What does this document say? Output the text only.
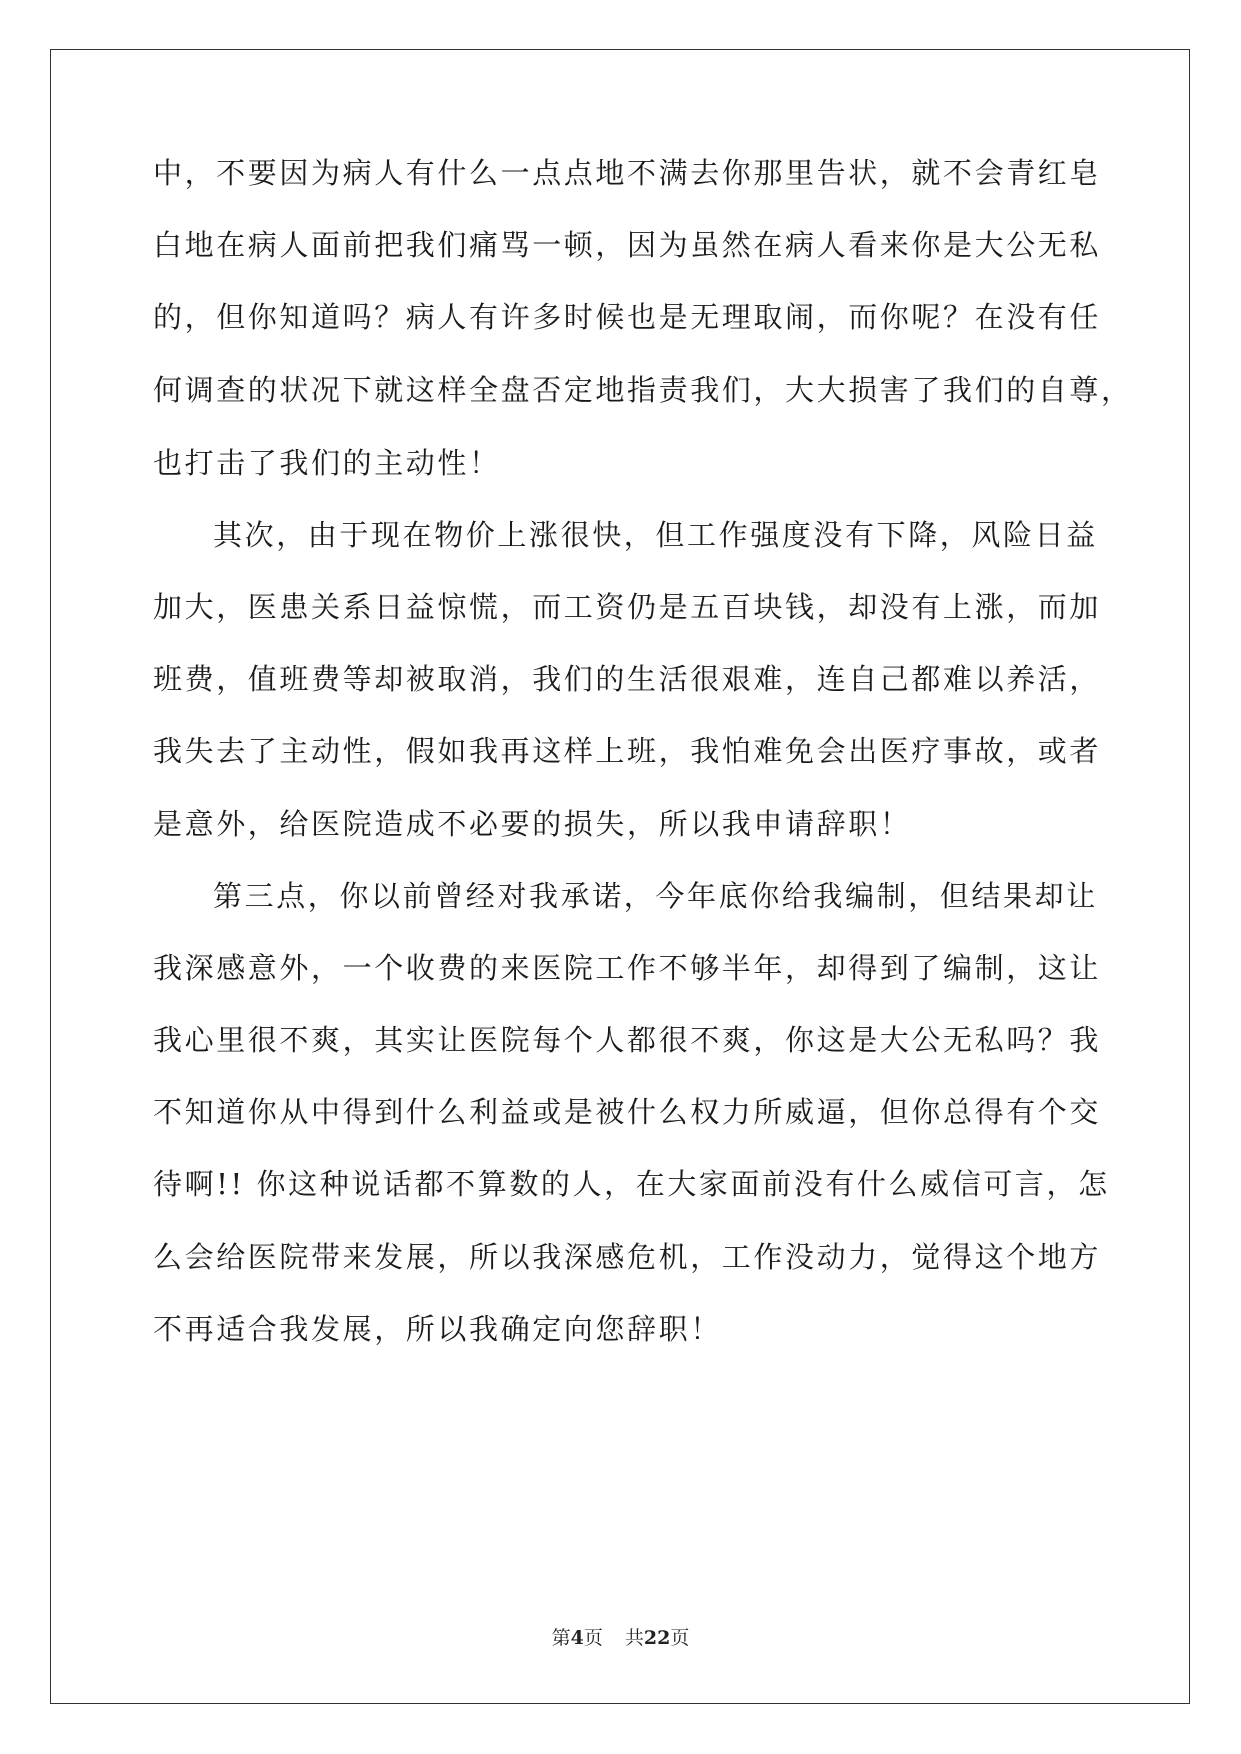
中，不要因为病人有什么一点点地不满去你那里告状，就不会青红皂
白地在病人面前把我们痛骂一顿，因为虽然在病人看来你是大公无私
的，但你知道吗？病人有许多时候也是无理取闹，而你呢？在没有任
何调查的状况下就这样全盘否定地指责我们，大大损害了我们的自尊，
也打击了我们的主动性！
其次，由于现在物价上涨很快，但工作强度没有下降，风险日益
加大，医患关系日益惊慌，而工资仍是五百块钱，却没有上涨，而加
班费，值班费等却被取消，我们的生活很艰难，连自己都难以养活，
我失去了主动性，假如我再这样上班，我怕难免会出医疗事故，或者
是意外，给医院造成不必要的损失，所以我申请辞职！
第三点，你以前曾经对我承诺，今年底你给我编制，但结果却让
我深感意外，一个收费的来医院工作不够半年，却得到了编制，这让
我心里很不爽，其实让医院每个人都很不爽，你这是大公无私吗？我
不知道你从中得到什么利益或是被什么权力所威逼，但你总得有个交
待啊!! 你这种说话都不算数的人，在大家面前没有什么威信可言，怎
么会给医院带来发展，所以我深感危机，工作没动力，觉得这个地方
不再适合我发展，所以我确定向您辞职！
第4页 共22页
